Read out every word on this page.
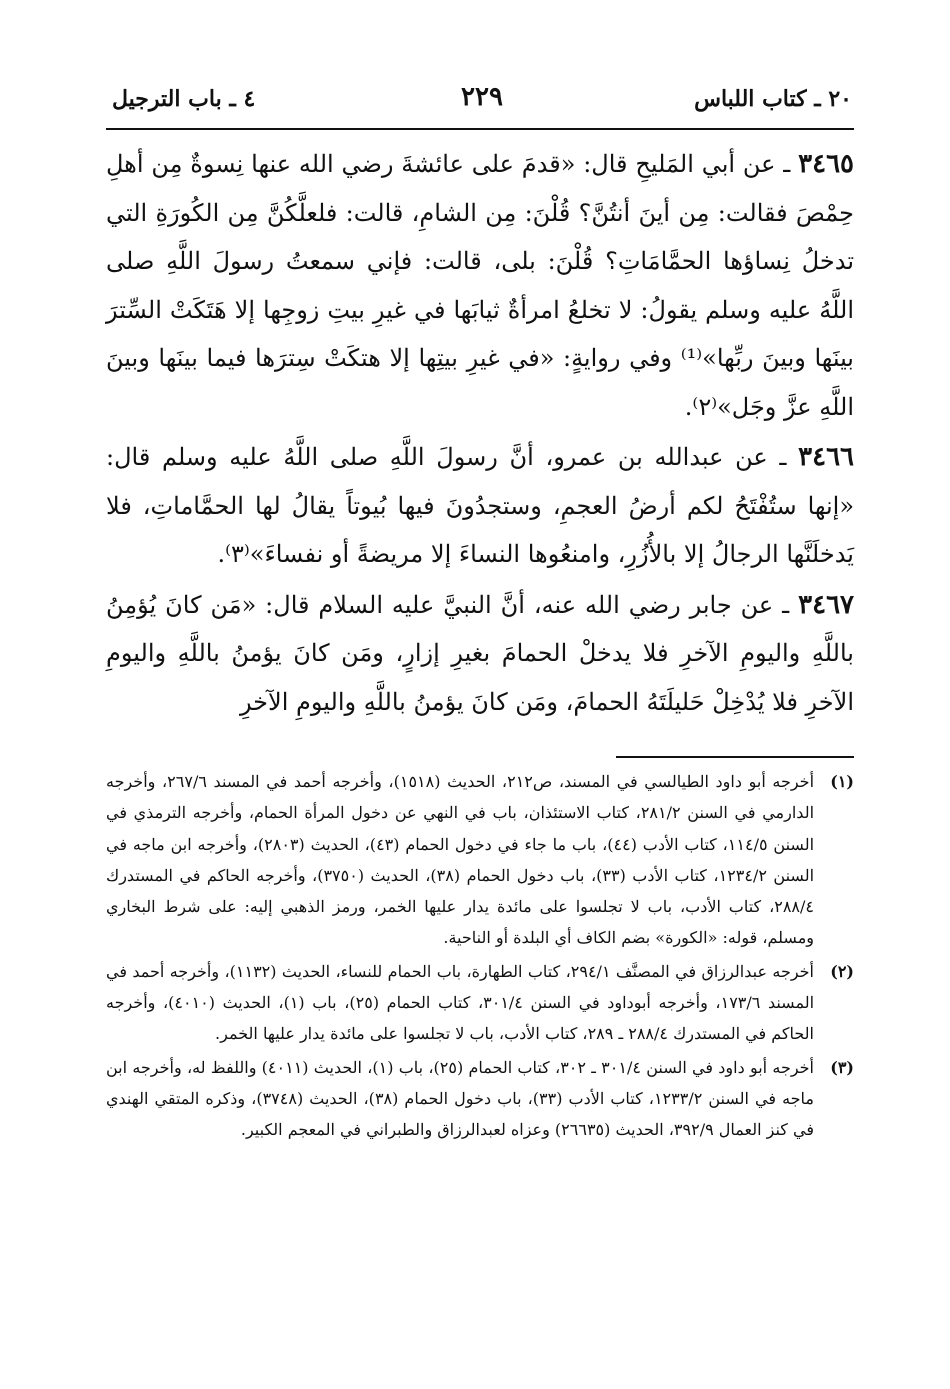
٢٠ ـ كتاب اللباس
٢٢٩
٤ ـ باب الترجيل

٣٤٦٥ ـ عن أبي المَليحِ قال: «قدمَ على عائشةَ رضي الله عنها نِسوةٌ مِن أهلِ حِمْصَ فقالت: مِن أينَ أنتُنَّ؟ قُلْنَ: مِن الشامِ، قالت: فلعلَّكُنَّ مِن الكُورَةِ التي تدخلُ نِساؤها الحمَّامَاتِ؟ قُلْنَ: بلى، قالت: فإني سمعتُ رسولَ اللَّهِ صلى اللَّهُ عليه وسلم يقولُ: لا تخلعُ امرأةٌ ثيابَها في غيرِ بيتِ زوجِها إلا هَتَكَتْ السِّترَ بينَها وبينَ ربِّها»⁽¹⁾ وفي روايةٍ: «في غيرِ بيتِها إلا هتكَتْ سِترَها فيما بينَها وبينَ اللَّهِ عزَّ وجَل»⁽٢⁾.

٣٤٦٦ ـ عن عبدالله بن عمرو، أنَّ رسولَ اللَّهِ صلى اللَّهُ عليه وسلم قال: «إنها ستُفْتَحُ لكم أرضُ العجمِ، وستجدُونَ فيها بُيوتاً يقالُ لها الحمَّاماتِ، فلا يَدخلَنَّها الرجالُ إلا بالأُزُرِ، وامنعُوها النساءَ إلا مريضةً أو نفساءَ»⁽٣⁾.

٣٤٦٧ ـ عن جابر رضي الله عنه، أنَّ النبيَّ عليه السلام قال: «مَن كانَ يُؤمِنُ باللَّهِ واليومِ الآخرِ فلا يدخلْ الحمامَ بغيرِ إزارٍ، ومَن كانَ يؤمنُ باللَّهِ واليومِ الآخرِ فلا يُدْخِلْ حَليلَتَهُ الحمامَ، ومَن كانَ يؤمنُ باللَّهِ واليومِ الآخرِ

(١)
أخرجه أبو داود الطيالسي في المسند، ص٢١٢، الحديث (١٥١٨)، وأخرجه أحمد في المسند ٢٦٧/٦، وأخرجه الدارمي في السنن ٢٨١/٢، كتاب الاستئذان، باب في النهي عن دخول المرأة الحمام، وأخرجه الترمذي في السنن ١١٤/٥، كتاب الأدب (٤٤)، باب ما جاء في دخول الحمام (٤٣)، الحديث (٢٨٠٣)، وأخرجه ابن ماجه في السنن ١٢٣٤/٢، كتاب الأدب (٣٣)، باب دخول الحمام (٣٨)، الحديث (٣٧٥٠)، وأخرجه الحاكم في المستدرك ٢٨٨/٤، كتاب الأدب، باب لا تجلسوا على مائدة يدار عليها الخمر، ورمز الذهبي إليه: على شرط البخاري ومسلم، قوله: «الكورة» بضم الكاف أي البلدة أو الناحية.
(٢)
أخرجه عبدالرزاق في المصنَّف ٢٩٤/١، كتاب الطهارة، باب الحمام للنساء، الحديث (١١٣٢)، وأخرجه أحمد في المسند ١٧٣/٦، وأخرجه أبوداود في السنن ٣٠١/٤، كتاب الحمام (٢٥)، باب (١)، الحديث (٤٠١٠)، وأخرجه الحاكم في المستدرك ٢٨٨/٤ ـ ٢٨٩، كتاب الأدب، باب لا تجلسوا على مائدة يدار عليها الخمر.
(٣)
أخرجه أبو داود في السنن ٣٠١/٤ ـ ٣٠٢، كتاب الحمام (٢٥)، باب (١)، الحديث (٤٠١١) واللفظ له، وأخرجه ابن ماجه في السنن ١٢٣٣/٢، كتاب الأدب (٣٣)، باب دخول الحمام (٣٨)، الحديث (٣٧٤٨)، وذكره المتقي الهندي في كنز العمال ٣٩٢/٩، الحديث (٢٦٦٣٥) وعزاه لعبدالرزاق والطبراني في المعجم الكبير.
